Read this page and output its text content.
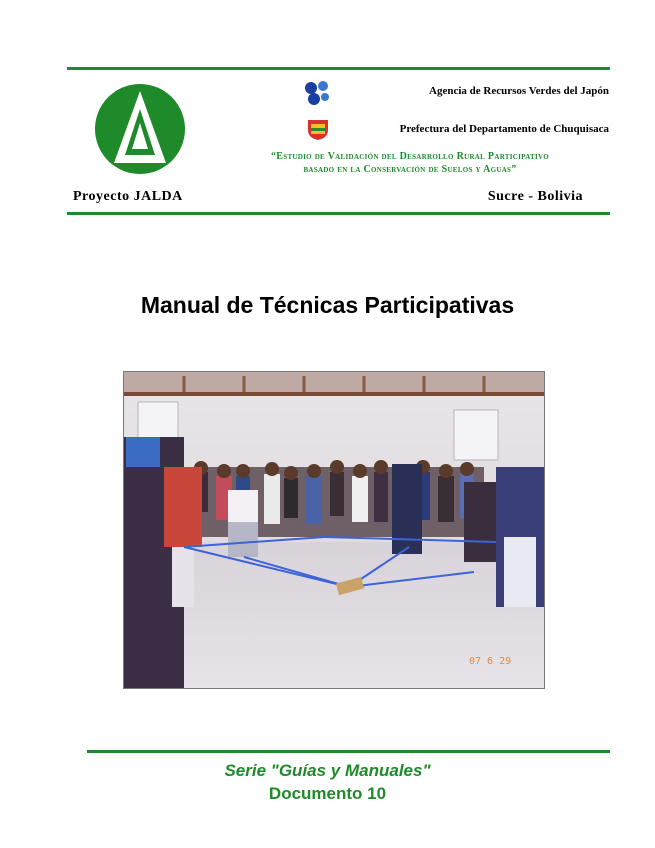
Agencia de Recursos Verdes del Japón
Prefectura del Departamento de Chuquisaca
“Estudio de Validación del Desarrollo Rural Participativo
basado en la Conservación de Suelos y Aguas”
Proyecto JALDA	Sucre - Bolivia
Manual de Técnicas Participativas
07 6 29
Serie "Guías y Manuales"
Documento 10
